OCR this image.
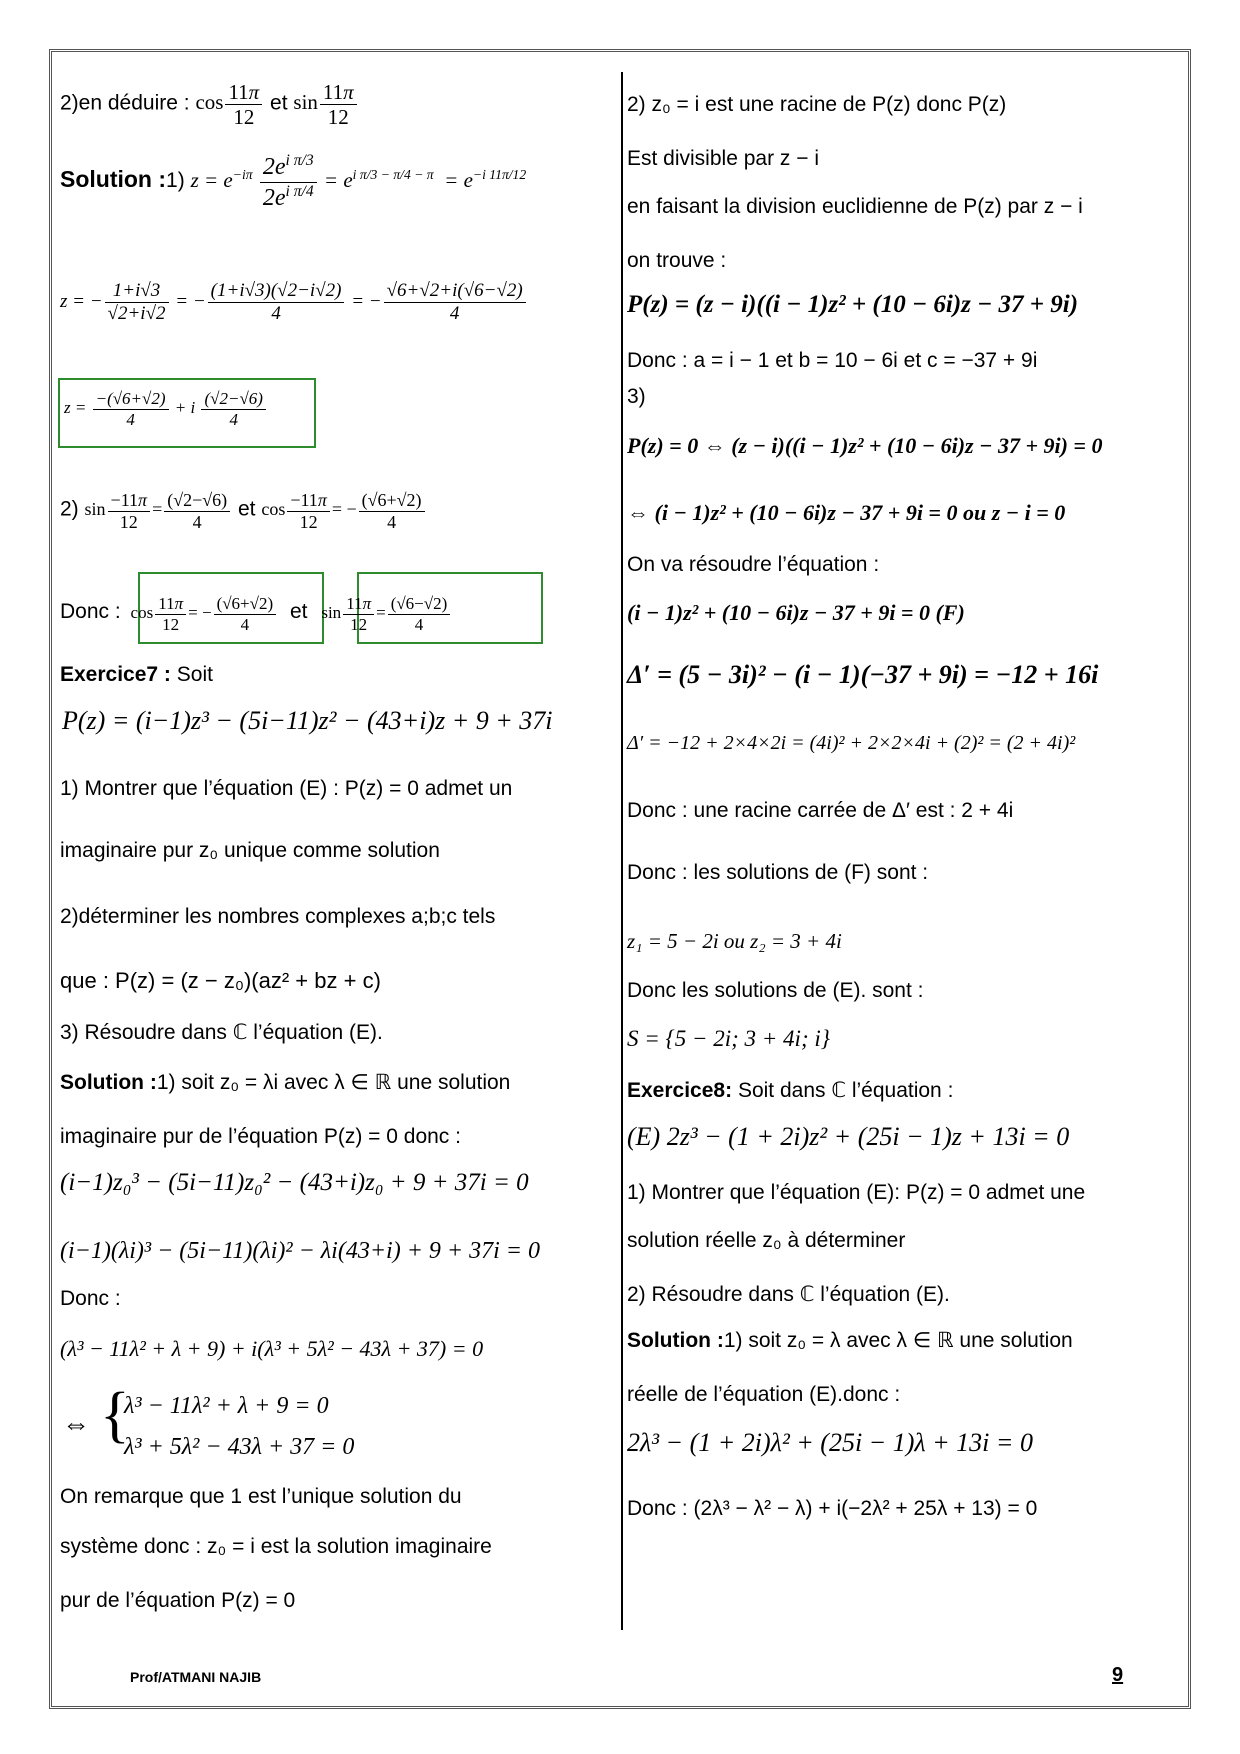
2)en déduire : $\cos \frac{11\pi}{12}$ et $\sin \frac{11\pi}{12}$
Solution :1) $z = e^{-i\pi} \frac{2e^{i \pi/3}}{2e^{i \pi/4}} = e^{i \pi/3 - \pi/4 - \pi} = e^{-i 11\pi/12}$
z = − $\frac{1+i√3}{√2+i√2}$ = − $\frac{(1+i√3)(√2-i√2)}{4}$ = − $\frac{√6+√2+i(√6-√2)}{4}$
$z = \frac{-(√6+√2)}{4} + i \frac{(√2-√6)}{4}$
2) $\sin \frac{-11\pi}{12} = \frac{(√2-√6)}{4}$ et $\cos \frac{-11\pi}{12}$ = − $\frac{(√6+√2)}{4}$
Donc : $\cos \frac{11\pi}{12}$ = − $\frac{(√6+√2)}{4}$ et $\sin \frac{11\pi}{12} = \frac{(√6-√2)}{4}$
Exercice7 : Soit
P(z) = (i−1)z³ − (5i−11)z² − (43+i)z + 9 + 37i
1) Montrer que l’équation (E) : P(z) = 0 admet un
imaginaire pur z₀ unique comme solution
2)déterminer les nombres complexes a;b;c tels
que : P(z) = (z − z₀)(az² + bz + c)
3) Résoudre dans ℂ l’équation (E).
Solution :1) soit z₀ = λi avec λ ∈ ℝ une solution
imaginaire pur de l’équation P(z) = 0 donc :
(i−1)z₀³ − (5i−11)z₀² − (43+i)z₀ + 9 + 37i = 0
(i−1)(λi)³ − (5i−11)(λi)² − λi(43+i) + 9 + 37i = 0
Donc :
(λ³ − 11λ² + λ + 9) + i(λ³ + 5λ² − 43λ + 37) = 0
⇔ {
λ³ − 11λ² + λ + 9 = 0
λ³ + 5λ² − 43λ + 37 = 0
On remarque que 1 est l’unique solution du
système donc : z₀ = i est la solution imaginaire
pur de l’équation P(z) = 0
2) z₀ = i est une racine de P(z) donc P(z)
Est divisible par z − i
en faisant la division euclidienne de P(z) par z − i
on trouve :
P(z) = (z − i)((i − 1)z² + (10 − 6i)z − 37 + 9i)
Donc : a = i − 1 et b = 10 − 6i et c = −37 + 9i
3)
P(z) = 0 ⇔ (z − i)((i − 1)z² + (10 − 6i)z − 37 + 9i) = 0
⇔ (i − 1)z² + (10 − 6i)z − 37 + 9i = 0 ou z − i = 0
On va résoudre l’équation :
(i − 1)z² + (10 − 6i)z − 37 + 9i = 0 (F)
Δ′ = (5 − 3i)² − (i − 1)(−37 + 9i) = −12 + 16i
Δ′ = −12 + 2×4×2i = (4i)² + 2×2×4i + (2)² = (2 + 4i)²
Donc : une racine carrée de Δ′ est : 2 + 4i
Donc : les solutions de (F) sont :
z₁ = 5 − 2i ou z₂ = 3 + 4i
Donc les solutions de (E). sont :
S = {5 − 2i; 3 + 4i; i}
Exercice8: Soit dans ℂ l’équation :
(E) 2z³ − (1 + 2i)z² + (25i − 1)z + 13i = 0
1) Montrer que l’équation (E): P(z) = 0 admet une
solution réelle z₀ à déterminer
2) Résoudre dans ℂ l’équation (E).
Solution :1) soit z₀ = λ avec λ ∈ ℝ une solution
réelle de l’équation (E).donc :
2λ³ − (1 + 2i)λ² + (25i − 1)λ + 13i = 0
Donc : (2λ³ − λ² − λ) + i(−2λ² + 25λ + 13) = 0
Prof/ATMANI NAJIB	9
